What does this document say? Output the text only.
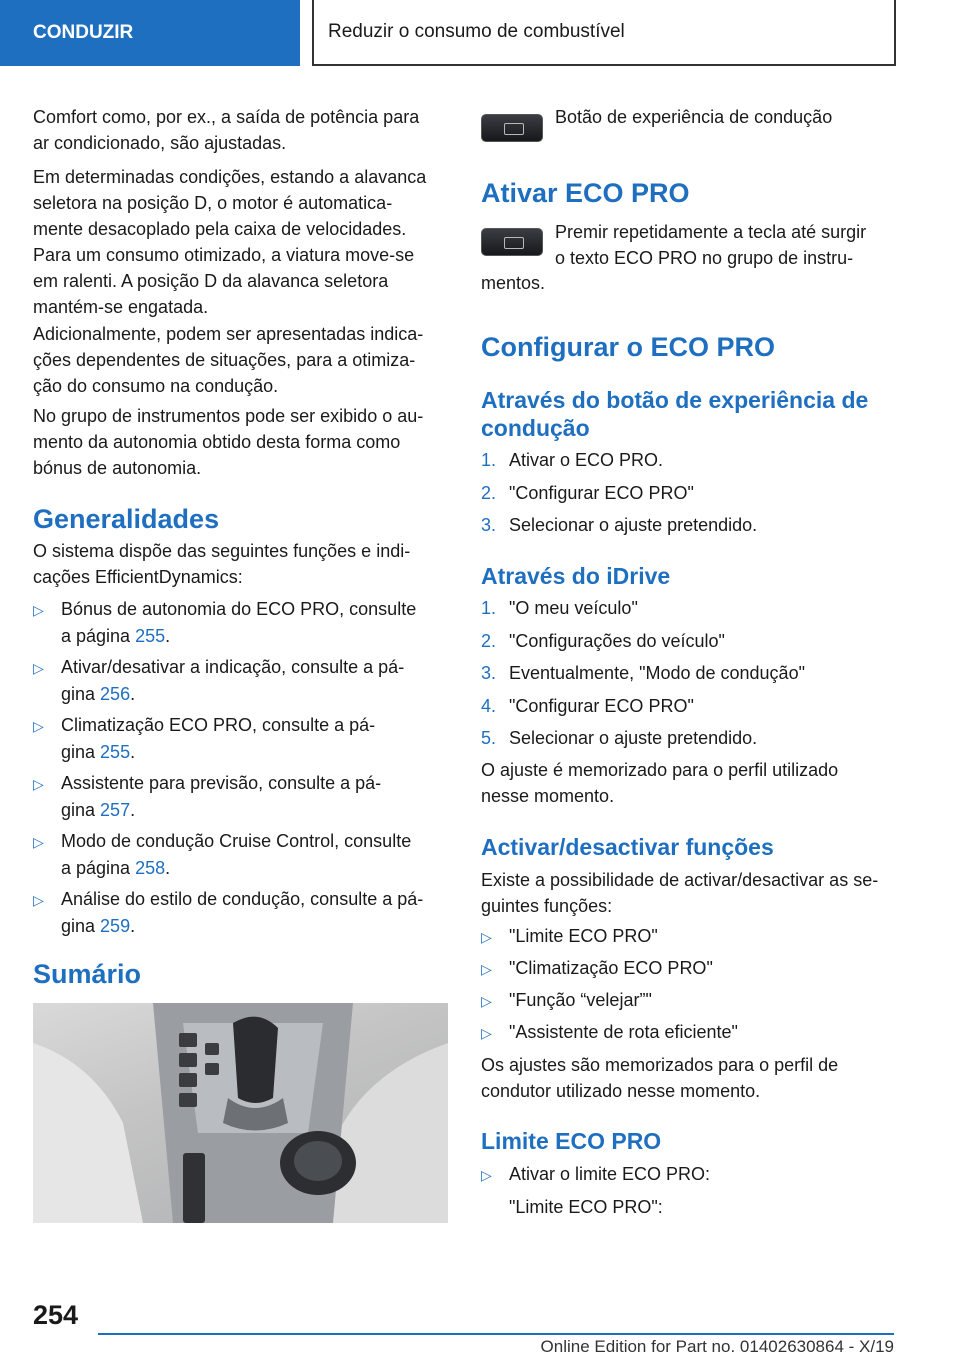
CONDUZIR	Reduzir o consumo de combustível

Comfort como, por ex., a saída de potência para

ar condicionado, são ajustadas.

Em determinadas condições, estando a alavanca

seletora na posição D, o motor é automatica-

mente desacoplado pela caixa de velocidades.

Para um consumo otimizado, a viatura move-se

em ralenti. A posição D da alavanca seletora

mantém-se engatada.

Adicionalmente, podem ser apresentadas indica-

ções dependentes de situações, para a otimiza-

ção do consumo na condução.

No grupo de instrumentos pode ser exibido o au-

mento da autonomia obtido desta forma como

bónus de autonomia.

Generalidades

O sistema dispõe das seguintes funções e indi-

cações EfficientDynamics:

▷ Bónus de autonomia do ECO PRO, consulte
a página 255.
▷ Ativar/desativar a indicação, consulte a pá-
gina 256.
▷ Climatização ECO PRO, consulte a pá-
gina 255.
▷ Assistente para previsão, consulte a pá-
gina 257.
▷ Modo de condução Cruise Control, consulte
a página 258.
▷ Análise do estilo de condução, consulte a pá-
gina 259.
Sumário

Botão de experiência de condução

Ativar ECO PRO

Premir repetidamente a tecla até surgir

o texto ECO PRO no grupo de instru-

mentos.

Configurar o ECO PRO
Através do botão de experiência de
condução
1. Ativar o ECO PRO.
2. "Configurar ECO PRO"
3. Selecionar o ajuste pretendido.
Através do iDrive
1. "O meu veículo"
2. "Configurações do veículo"
3. Eventualmente, "Modo de condução"
4. "Configurar ECO PRO"
5. Selecionar o ajuste pretendido.

O ajuste é memorizado para o perfil utilizado

nesse momento.

Activar/desactivar funções

Existe a possibilidade de activar/desactivar as se-

guintes funções:

▷ "Limite ECO PRO"
▷ "Climatização ECO PRO"
▷ "Função “velejar”"
▷ "Assistente de rota eficiente"

Os ajustes são memorizados para o perfil de

condutor utilizado nesse momento.

Limite ECO PRO
▷ Ativar o limite ECO PRO:

"Limite ECO PRO":

254
Online Edition for Part no. 01402630864 - X/19
